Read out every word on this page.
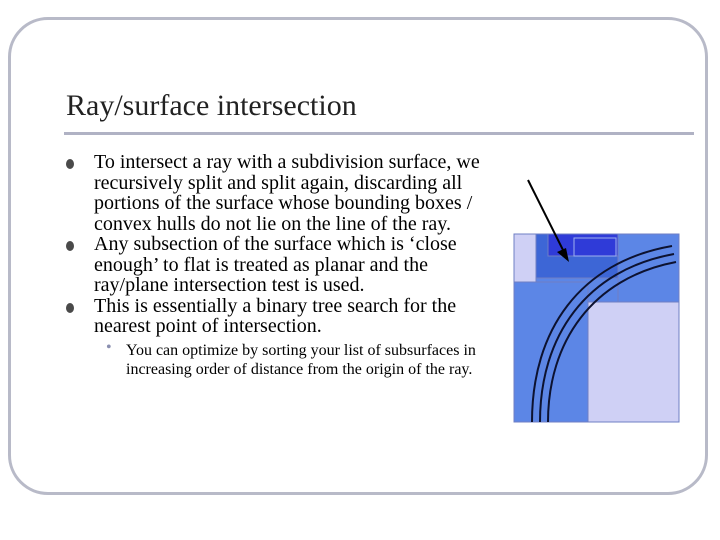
Ray/surface intersection
To intersect a ray with a subdivision surface, we recursively split and split again, discarding all portions of the surface whose bounding boxes / convex hulls do not lie on the line of the ray.
Any subsection of the surface which is ‘close enough’ to flat is treated as planar and the ray/plane intersection test is used.
This is essentially a binary tree search for the nearest point of intersection.
• You can optimize by sorting your list of subsurfaces in increasing order of distance from the origin of the ray.
